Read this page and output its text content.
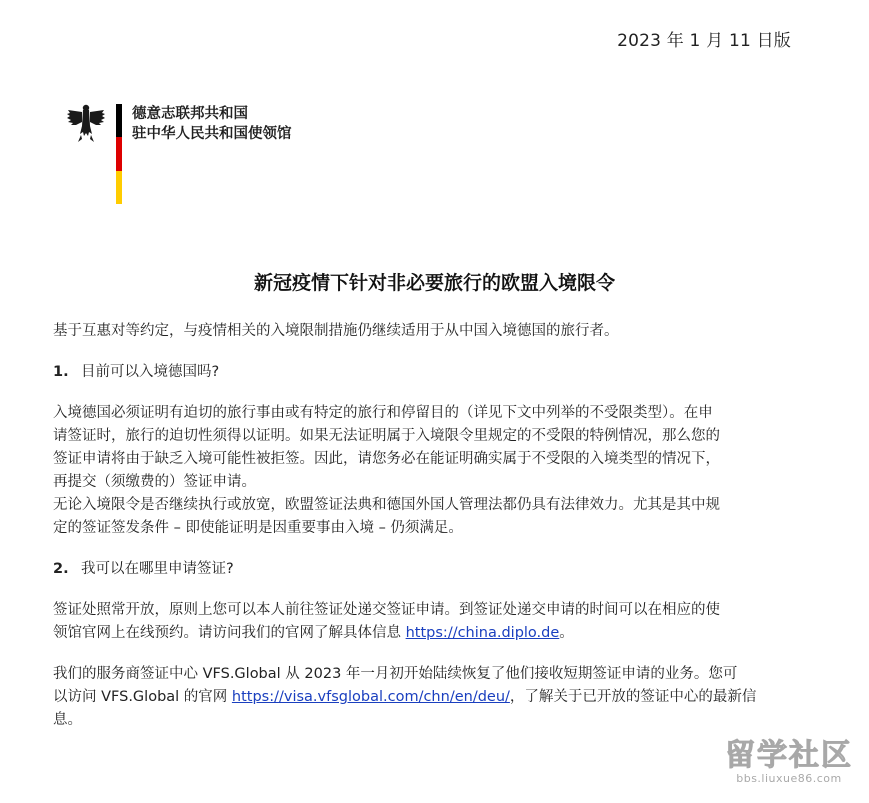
2023 年 1 月 11 日版
德意志联邦共和国
驻中华人民共和国使领馆
新冠疫情下针对非必要旅行的欧盟入境限令

基于互惠对等约定，与疫情相关的入境限制措施仍继续适用于从中国入境德国的旅行者。

1. 目前可以入境德国吗?

入境德国必须证明有迫切的旅行事由或有特定的旅行和停留目的（详见下文中列举的不受限类型）。在申
请签证时，旅行的迫切性须得以证明。如果无法证明属于入境限令里规定的不受限的特例情况，那么您的
签证申请将由于缺乏入境可能性被拒签。因此，请您务必在能证明确实属于不受限的入境类型的情况下，
再提交（须缴费的）签证申请。
无论入境限令是否继续执行或放宽，欧盟签证法典和德国外国人管理法都仍具有法律效力。尤其是其中规
定的签证签发条件 – 即使能证明是因重要事由入境 – 仍须满足。

2. 我可以在哪里申请签证?

签证处照常开放，原则上您可以本人前往签证处递交签证申请。到签证处递交申请的时间可以在相应的使
领馆官网上在线预约。请访问我们的官网了解具体信息 https://china.diplo.de。

我们的服务商签证中心 VFS.Global 从 2023 年一月初开始陆续恢复了他们接收短期签证申请的业务。您可
以访问 VFS.Global 的官网 https://visa.vfsglobal.com/chn/en/deu/，了解关于已开放的签证中心的最新信
息。

留学社区
bbs.liuxue86.com
